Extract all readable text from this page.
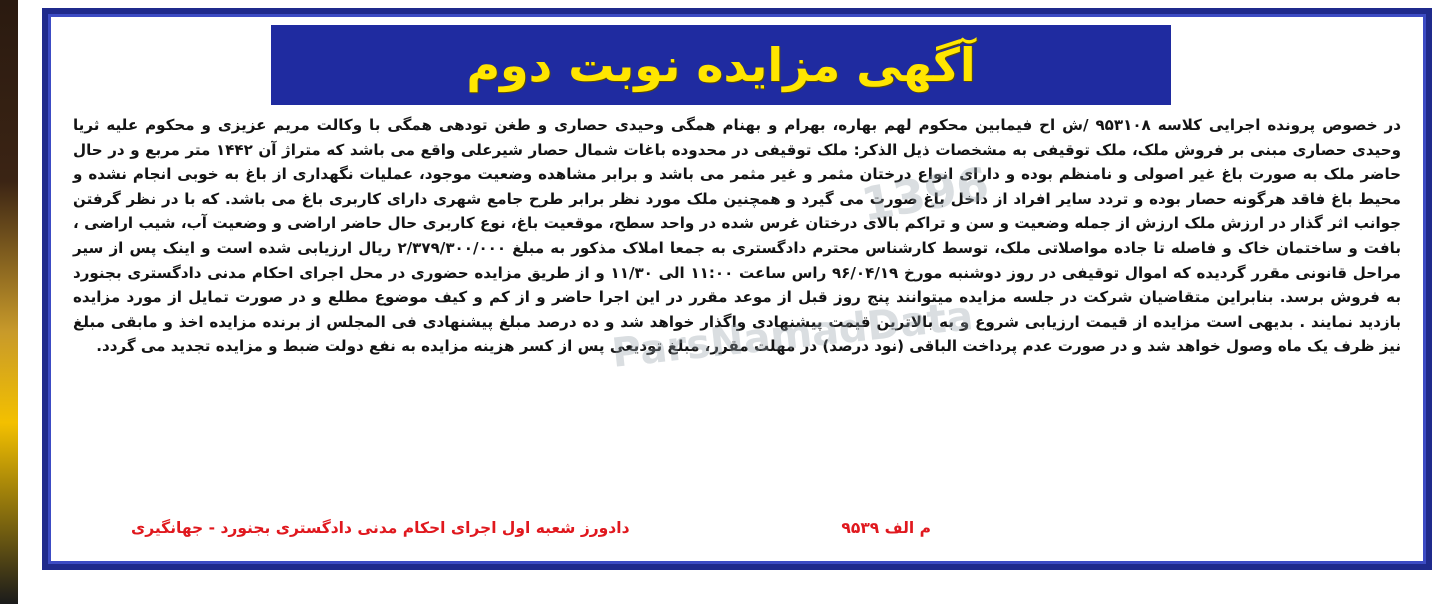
آگهی مزایده نوبت دوم
در خصوص پرونده اجرایی کلاسه ۹۵۳۱۰۸ /ش اح فیمابین محکوم لهم بهاره، بهرام و بهنام همگی وحیدی حصاری و طغن تودهی همگی با وکالت مریم عزیزی و محکوم علیه ثریا وحیدی حصاری مبنی بر فروش ملک، ملک توقیفی به مشخصات ذیل الذکر: ملک توقیفی در محدوده باغات شمال حصار شیرعلی واقع می باشد که متراژ آن ۱۴۴۲ متر مربع و در حال حاضر ملک به صورت باغ غیر اصولی و نامنظم بوده و دارای انواع درختان مثمر و غیر مثمر می باشد و برابر مشاهده وضعیت موجود، عملیات نگهداری از باغ به خوبی انجام نشده و محیط باغ فاقد هرگونه حصار بوده و تردد سایر افراد از داخل باغ صورت می گیرد و همچنین ملک مورد نظر برابر طرح جامع شهری دارای کاربری باغ می باشد. که با در نظر گرفتن جوانب اثر گذار در ارزش ملک ارزش از جمله وضعیت و سن و تراکم بالای درختان غرس شده در واحد سطح، موقعیت باغ، نوع کاربری حال حاضر اراضی و وضعیت آب، شیب اراضی ، بافت و ساختمان خاک و فاصله تا جاده مواصلاتی ملک، توسط کارشناس محترم دادگستری به جمعا املاک مذکور به مبلغ ۲/۳۷۹/۳۰۰/۰۰۰ ریال ارزیابی شده است و اینک پس از سیر مراحل قانونی مقرر گردیده که اموال توقیفی در روز دوشنبه مورخ ۹۶/۰۴/۱۹ راس ساعت ۱۱:۰۰ الی ۱۱/۳۰ و از طریق مزایده حضوری در محل اجرای احکام مدنی دادگستری بجنورد به فروش برسد. بنابراین متقاضیان شرکت در جلسه مزایده میتوانند پنج روز قبل از موعد مقرر در این اجرا حاضر و از کم و کیف موضوع مطلع و در صورت تمایل از مورد مزایده بازدید نمایند . بدیهی است مزایده از قیمت ارزیابی شروع و به بالاترین قیمت پیشنهادی واگذار خواهد شد و ده درصد مبلغ پیشنهادی فی المجلس از برنده مزایده اخذ و مابقی مبلغ نیز ظرف یک ماه وصول خواهد شد و در صورت عدم پرداخت الباقی (نود درصد) در مهلت مقرر، مبلغ تودیعی پس از کسر هزینه مزایده به نفع دولت ضبط و مزایده تجدید می گردد.
م الف ۹۵۳۹
دادورز شعبه اول اجرای احکام مدنی دادگستری بجنورد - جهانگیری
1396
ParsNamadData
